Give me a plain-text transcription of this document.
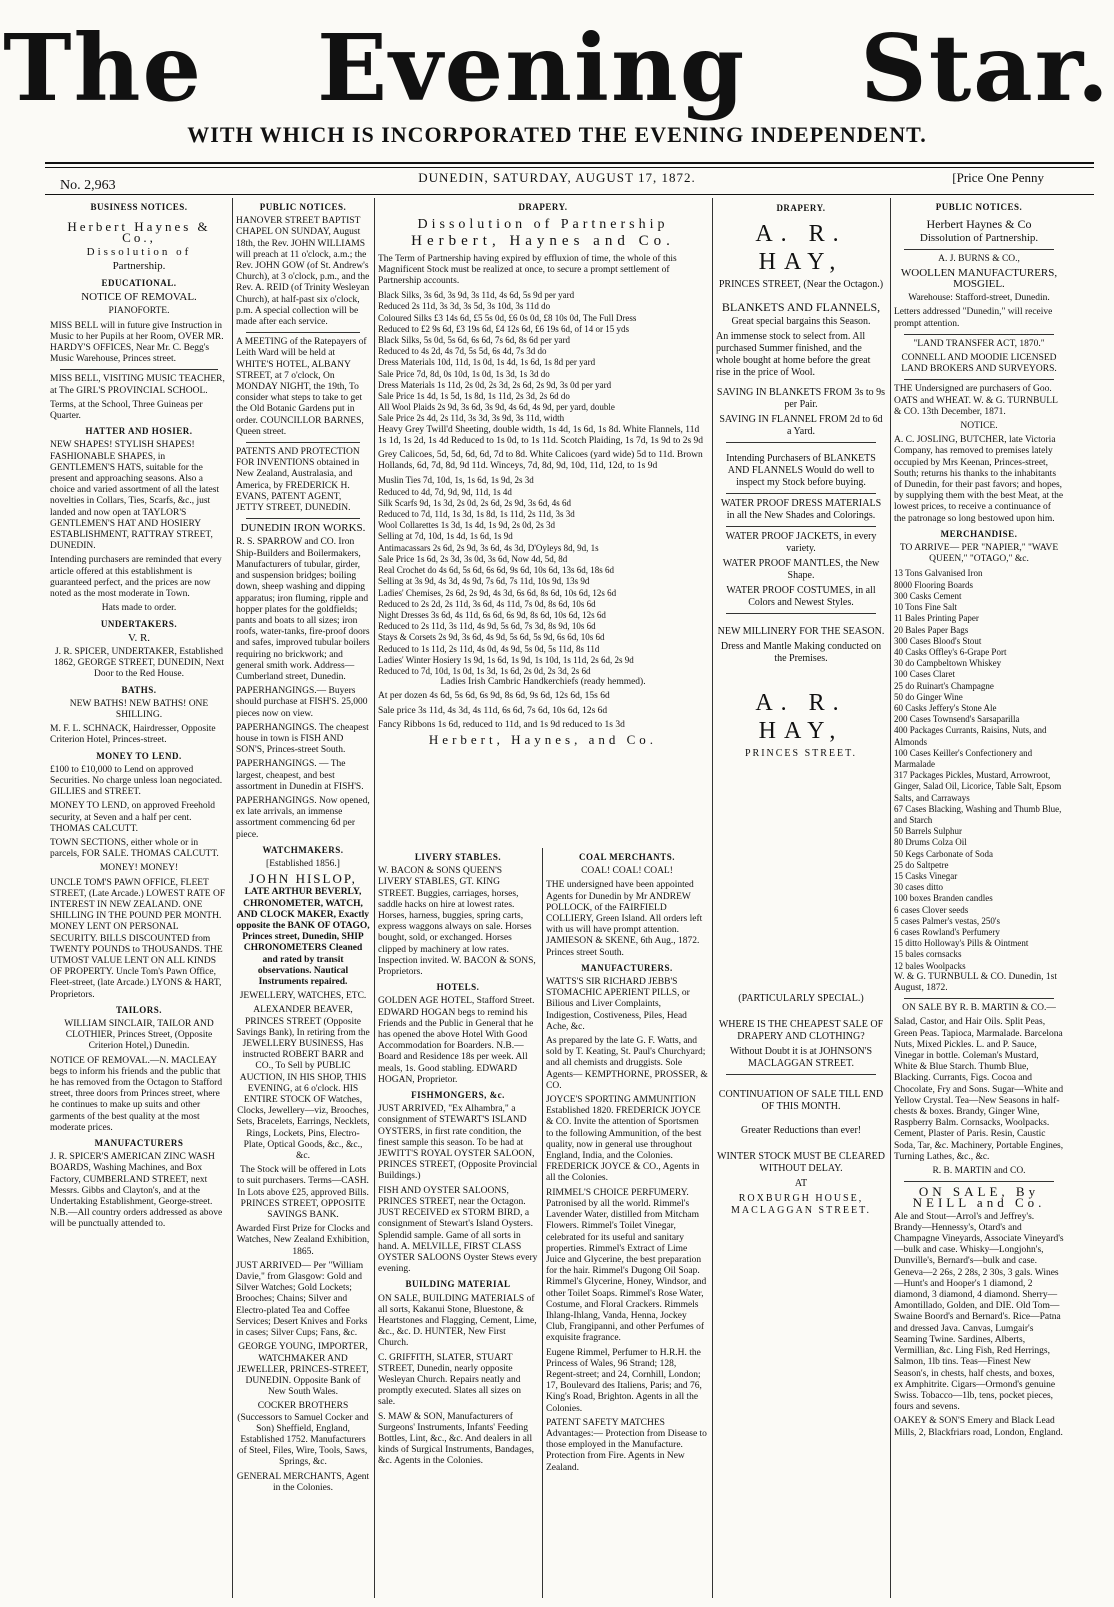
The Evening Star.
WITH WHICH IS INCORPORATED THE EVENING INDEPENDENT.
No. 2,963
DUNEDIN, SATURDAY, AUGUST 17, 1872.	[Price One Penny
BUSINESS NOTICES.

Herbert Haynes & Co.,

Dissolution of

Partnership.

EDUCATIONAL.

NOTICE OF REMOVAL.

PIANOFORTE.

MISS BELL will in future give Instruction in Music to her Pupils at her Room, OVER MR. HARDY'S OFFICES, Near Mr. C. Begg's Music Warehouse, Princes street.

MISS BELL, VISITING MUSIC TEACHER, at The GIRL'S PROVINCIAL SCHOOL.

Terms, at the School, Three Guineas per Quarter.

HATTER AND HOSIER.

NEW SHAPES! STYLISH SHAPES! FASHIONABLE SHAPES, in GENTLEMEN'S HATS, suitable for the present and approaching seasons. Also a choice and varied assortment of all the latest novelties in Collars, Ties, Scarfs, &c., just landed and now open at TAYLOR'S GENTLEMEN'S HAT AND HOSIERY ESTABLISHMENT, RATTRAY STREET, DUNEDIN.

Intending purchasers are reminded that every article offered at this establishment is guaranteed perfect, and the prices are now noted as the most moderate in Town.

Hats made to order.

UNDERTAKERS.

V. R.

J. R. SPICER, UNDERTAKER, Established 1862, GEORGE STREET, DUNEDIN, Next Door to the Red House.

BATHS.

NEW BATHS! NEW BATHS! ONE SHILLING.

M. F. L. SCHNACK, Hairdresser, Opposite Criterion Hotel, Princes-street.

MONEY TO LEND.

£100 to £10,000 to Lend on approved Securities. No charge unless loan negociated. GILLIES and STREET.

MONEY TO LEND, on approved Freehold security, at Seven and a half per cent. THOMAS CALCUTT.

TOWN SECTIONS, either whole or in parcels, FOR SALE. THOMAS CALCUTT.

MONEY! MONEY!

UNCLE TOM'S PAWN OFFICE, FLEET STREET, (Late Arcade.) LOWEST RATE OF INTEREST IN NEW ZEALAND. ONE SHILLING IN THE POUND PER MONTH. MONEY LENT ON PERSONAL SECURITY. BILLS DISCOUNTED from TWENTY POUNDS to THOUSANDS. THE UTMOST VALUE LENT ON ALL KINDS OF PROPERTY. Uncle Tom's Pawn Office, Fleet-street, (late Arcade.) LYONS & HART, Proprietors.

TAILORS.

WILLIAM SINCLAIR, TAILOR AND CLOTHIER, Princes Street, (Opposite Criterion Hotel,) Dunedin.

NOTICE OF REMOVAL.—N. MACLEAY begs to inform his friends and the public that he has removed from the Octagon to Stafford street, three doors from Princes street, where he continues to make up suits and other garments of the best quality at the most moderate prices.

MANUFACTURERS

J. R. SPICER'S AMERICAN ZINC WASH BOARDS, Washing Machines, and Box Factory, CUMBERLAND STREET, next Messrs. Gibbs and Clayton's, and at the Undertaking Establishment, George-street. N.B.—All country orders addressed as above will be punctually attended to.

PUBLIC NOTICES.

HANOVER STREET BAPTIST CHAPEL ON SUNDAY, August 18th, the Rev. JOHN WILLIAMS will preach at 11 o'clock, a.m.; the Rev. JOHN GOW (of St. Andrew's Church), at 3 o'clock, p.m., and the Rev. A. REID (of Trinity Wesleyan Church), at half-past six o'clock, p.m. A special collection will be made after each service.

A MEETING of the Ratepayers of Leith Ward will be held at WHITE'S HOTEL, ALBANY STREET, at 7 o'clock, On MONDAY NIGHT, the 19th, To consider what steps to take to get the Old Botanic Gardens put in order. COUNCILLOR BARNES, Queen street.

PATENTS AND PROTECTION FOR INVENTIONS obtained in New Zealand, Australasia, and America, by FREDERICK H. EVANS, PATENT AGENT, JETTY STREET, DUNEDIN.

DUNEDIN IRON WORKS.

R. S. SPARROW and CO. Iron Ship-Builders and Boilermakers, Manufacturers of tubular, girder, and suspension bridges; boiling down, sheep washing and dipping apparatus; iron fluming, ripple and hopper plates for the goldfields; pants and boats to all sizes; iron roofs, water-tanks, fire-proof doors and safes, improved tubular boilers requiring no brickwork; and general smith work. Address—Cumberland street, Dunedin.

PAPERHANGINGS.— Buyers should purchase at FISH'S. 25,000 pieces now on view.

PAPERHANGINGS. The cheapest house in town is FISH AND SON'S, Princes-street South.

PAPERHANGINGS. — The largest, cheapest, and best assortment in Dunedin at FISH'S.

PAPERHANGINGS. Now opened, ex late arrivals, an immense assortment commencing 6d per piece.

WATCHMAKERS.

[Established 1856.]

JOHN HISLOP,

LATE ARTHUR BEVERLY, CHRONOMETER, WATCH, AND CLOCK MAKER, Exactly opposite the BANK OF OTAGO, Princes street, Dunedin, SHIP CHRONOMETERS Cleaned and rated by transit observations. Nautical Instruments repaired.

JEWELLERY, WATCHES, ETC.

ALEXANDER BEAVER, PRINCES STREET (Opposite Savings Bank), In retiring from the JEWELLERY BUSINESS, Has instructed ROBERT BARR and CO., To Sell by PUBLIC AUCTION, IN HIS SHOP, THIS EVENING, at 6 o'clock. HIS ENTIRE STOCK OF Watches, Clocks, Jewellery—viz, Brooches, Sets, Bracelets, Earrings, Necklets, Rings, Lockets, Pins, Electro-Plate, Optical Goods, &c., &c., &c.

The Stock will be offered in Lots to suit purchasers. Terms—CASH. In Lots above £25, approved Bills. PRINCES STREET, OPPOSITE SAVINGS BANK.

Awarded First Prize for Clocks and Watches, New Zealand Exhibition, 1865.

JUST ARRIVED— Per "William Davie," from Glasgow: Gold and Silver Watches; Gold Lockets; Brooches; Chains; Silver and Electro-plated Tea and Coffee Services; Desert Knives and Forks in cases; Silver Cups; Fans, &c.

GEORGE YOUNG, IMPORTER, WATCHMAKER AND JEWELLER, PRINCES-STREET, DUNEDIN. Opposite Bank of New South Wales.

COCKER BROTHERS (Successors to Samuel Cocker and Son) Sheffield, England, Established 1752. Manufacturers of Steel, Files, Wire, Tools, Saws, Springs, &c.

GENERAL MERCHANTS, Agent in the Colonies.

DRAPERY.

Dissolution of Partnership

Herbert, Haynes and Co.

The Term of Partnership having expired by effluxion of time, the whole of this Magnificent Stock must be realized at once, to secure a prompt settlement of Partnership accounts.

Black Silks, 3s 6d, 3s 9d, 3s 11d, 4s 6d, 5s 9d per yard

Reduced 2s 11d, 3s 3d, 3s 5d, 3s 10d, 3s 11d do

Coloured Silks £3 14s 6d, £5 5s 0d, £6 0s 0d, £8 10s 0d, The Full Dress

Reduced to £2 9s 6d, £3 19s 6d, £4 12s 6d, £6 19s 6d, of 14 or 15 yds

Black Silks, 5s 0d, 5s 6d, 6s 6d, 7s 6d, 8s 6d per yard

Reduced to 4s 2d, 4s 7d, 5s 5d, 6s 4d, 7s 3d do

Dress Materials 10d, 11d, 1s 0d, 1s 4d, 1s 6d, 1s 8d per yard

Sale Price 7d, 8d, 0s 10d, 1s 0d, 1s 3d, 1s 3d do

Dress Materials 1s 11d, 2s 0d, 2s 3d, 2s 6d, 2s 9d, 3s 0d per yard

Sale Price 1s 4d, 1s 5d, 1s 8d, 1s 11d, 2s 3d, 2s 6d do

All Wool Plaids 2s 9d, 3s 6d, 3s 9d, 4s 6d, 4s 9d, per yard, double

Sale Price 2s 4d, 2s 11d, 3s 3d, 3s 9d, 3s 11d, width

Heavy Grey Twill'd Sheeting, double width, 1s 4d, 1s 6d, 1s 8d. White Flannels, 11d 1s 1d, 1s 2d, 1s 4d Reduced to 1s 0d, to 1s 11d. Scotch Plaiding, 1s 7d, 1s 9d to 2s 9d

Grey Calicoes, 5d, 5d, 6d, 6d, 7d to 8d. White Calicoes (yard wide) 5d to 11d. Brown Hollands, 6d, 7d, 8d, 9d 11d. Winceys, 7d, 8d, 9d, 10d, 11d, 12d, to 1s 9d

Muslin Ties 7d, 10d, 1s, 1s 6d, 1s 9d, 2s 3d

Reduced to 4d, 7d, 9d, 9d, 11d, 1s 4d

Silk Scarfs 9d, 1s 3d, 2s 0d, 2s 6d, 2s 9d, 3s 6d, 4s 6d

Reduced to 7d, 11d, 1s 3d, 1s 8d, 1s 11d, 2s 11d, 3s 3d

Wool Collarettes 1s 3d, 1s 4d, 1s 9d, 2s 0d, 2s 3d

Selling at 7d, 10d, 1s 4d, 1s 6d, 1s 9d

Antimacassars 2s 6d, 2s 9d, 3s 6d, 4s 3d, D'Oyleys 8d, 9d, 1s

Sale Price 1s 6d, 2s 3d, 3s 0d, 3s 6d, Now 4d, 5d, 8d

Real Crochet do 4s 6d, 5s 6d, 6s 6d, 9s 6d, 10s 6d, 13s 6d, 18s 6d

Selling at 3s 9d, 4s 3d, 4s 9d, 7s 6d, 7s 11d, 10s 9d, 13s 9d

Ladies' Chemises, 2s 6d, 2s 9d, 4s 3d, 6s 6d, 8s 6d, 10s 6d, 12s 6d

Reduced to 2s 2d, 2s 11d, 3s 6d, 4s 11d, 7s 0d, 8s 6d, 10s 6d

Night Dresses 3s 6d, 4s 11d, 6s 6d, 6s 9d, 8s 6d, 10s 6d, 12s 6d

Reduced to 2s 11d, 3s 11d, 4s 9d, 5s 6d, 7s 3d, 8s 9d, 10s 6d

Stays & Corsets 2s 9d, 3s 6d, 4s 9d, 5s 6d, 5s 9d, 6s 6d, 10s 6d

Reduced to 1s 11d, 2s 11d, 4s 0d, 4s 9d, 5s 0d, 5s 11d, 8s 11d

Ladies' Winter Hosiery 1s 9d, 1s 6d, 1s 9d, 1s 10d, 1s 11d, 2s 6d, 2s 9d

Reduced to 7d, 10d, 1s 0d, 1s 3d, 1s 6d, 2s 0d, 2s 3d, 2s 6d

Ladies Irish Cambric Handkerchiefs (ready hemmed).

At per dozen 4s 6d, 5s 6d, 6s 9d, 8s 6d, 9s 6d, 12s 6d, 15s 6d

Sale price 3s 11d, 4s 3d, 4s 11d, 6s 6d, 7s 6d, 10s 6d, 12s 6d

Fancy Ribbons 1s 6d, reduced to 11d, and 1s 9d reduced to 1s 3d

Herbert, Haynes, and Co.

LIVERY STABLES.

W. BACON & SONS QUEEN'S LIVERY STABLES, GT. KING STREET. Buggies, carriages, horses, saddle hacks on hire at lowest rates. Horses, harness, buggies, spring carts, express waggons always on sale. Horses bought, sold, or exchanged. Horses clipped by machinery at low rates. Inspection invited. W. BACON & SONS, Proprietors.

HOTELS.

GOLDEN AGE HOTEL, Stafford Street. EDWARD HOGAN begs to remind his Friends and the Public in General that he has opened the above Hotel With Good Accommodation for Boarders. N.B.—Board and Residence 18s per week. All meals, 1s. Good stabling. EDWARD HOGAN, Proprietor.

FISHMONGERS, &c.

JUST ARRIVED, "Ex Alhambra," a consignment of STEWART'S ISLAND OYSTERS, in first rate condition, the finest sample this season. To be had at JEWITT'S ROYAL OYSTER SALOON, PRINCES STREET, (Opposite Provincial Buildings.)

FISH AND OYSTER SALOONS, PRINCES STREET, near the Octagon. JUST RECEIVED ex STORM BIRD, a consignment of Stewart's Island Oysters. Splendid sample. Game of all sorts in hand. A. MELVILLE, FIRST CLASS OYSTER SALOONS Oyster Stews every evening.

BUILDING MATERIAL

ON SALE, BUILDING MATERIALS of all sorts, Kakanui Stone, Bluestone, & Heartstones and Flagging, Cement, Lime, &c., &c. D. HUNTER, New First Church.

C. GRIFFITH, SLATER, STUART STREET, Dunedin, nearly opposite Wesleyan Church. Repairs neatly and promptly executed. Slates all sizes on sale.

S. MAW & SON, Manufacturers of Surgeons' Instruments, Infants' Feeding Bottles, Lint, &c., &c. And dealers in all kinds of Surgical Instruments, Bandages, &c. Agents in the Colonies.

COAL MERCHANTS.

COAL! COAL! COAL!

THE undersigned have been appointed Agents for Dunedin by Mr ANDREW POLLOCK, of the FAIRFIELD COLLIERY, Green Island. All orders left with us will have prompt attention. JAMIESON & SKENE, 6th Aug., 1872. Princes street South.

MANUFACTURERS.

WATTS'S SIR RICHARD JEBB'S STOMACHIC APERIENT PILLS, or Bilious and Liver Complaints, Indigestion, Costiveness, Piles, Head Ache, &c.

As prepared by the late G. F. Watts, and sold by T. Keating, St. Paul's Churchyard; and all chemists and druggists. Sole Agents— KEMPTHORNE, PROSSER, & CO.

JOYCE'S SPORTING AMMUNITION Established 1820. FREDERICK JOYCE & CO. Invite the attention of Sportsmen to the following Ammunition, of the best quality, now in general use throughout England, India, and the Colonies. FREDERICK JOYCE & CO., Agents in all the Colonies.

RIMMEL'S CHOICE PERFUMERY. Patronised by all the world. Rimmel's Lavender Water, distilled from Mitcham Flowers. Rimmel's Toilet Vinegar, celebrated for its useful and sanitary properties. Rimmel's Extract of Lime Juice and Glycerine, the best preparation for the hair. Rimmel's Dugong Oil Soap. Rimmel's Glycerine, Honey, Windsor, and other Toilet Soaps. Rimmel's Rose Water, Costume, and Floral Crackers. Rimmels Ihlang-Ihlang, Vanda, Henna, Jockey Club, Frangipanni, and other Perfumes of exquisite fragrance.

Eugene Rimmel, Perfumer to H.R.H. the Princess of Wales, 96 Strand; 128, Regent-street; and 24, Cornhill, London; 17, Boulevard des Italiens, Paris; and 76, King's Road, Brighton. Agents in all the Colonies.

PATENT SAFETY MATCHES Advantages:— Protection from Disease to those employed in the Manufacture. Protection from Fire. Agents in New Zealand.

DRAPERY.

A. R. HAY,

PRINCES STREET, (Near the Octagon.)

BLANKETS AND FLANNELS,

Great special bargains this Season.

An immense stock to select from. All purchased Summer finished, and the whole bought at home before the great rise in the price of Wool.

SAVING IN BLANKETS FROM 3s to 9s per Pair.

SAVING IN FLANNEL FROM 2d to 6d a Yard.

Intending Purchasers of BLANKETS AND FLANNELS Would do well to inspect my Stock before buying.

WATER PROOF DRESS MATERIALS in all the New Shades and Colorings.

WATER PROOF JACKETS, in every variety.

WATER PROOF MANTLES, the New Shape.

WATER PROOF COSTUMES, in all Colors and Newest Styles.

NEW MILLINERY FOR THE SEASON.

Dress and Mantle Making conducted on the Premises.

A. R. HAY,

PRINCES STREET.

(PARTICULARLY SPECIAL.)

WHERE IS THE CHEAPEST SALE OF DRAPERY AND CLOTHING?

Without Doubt it is at JOHNSON'S MACLAGGAN STREET.

CONTINUATION OF SALE TILL END OF THIS MONTH.

Greater Reductions than ever!

WINTER STOCK MUST BE CLEARED WITHOUT DELAY.

AT

ROXBURGH HOUSE, MACLAGGAN STREET.

PUBLIC NOTICES.

Herbert Haynes & Co

Dissolution of Partnership.

A. J. BURNS & CO.,

WOOLLEN MANUFACTURERS, MOSGIEL.

Warehouse: Stafford-street, Dunedin.

Letters addressed "Dunedin," will receive prompt attention.

"LAND TRANSFER ACT, 1870."

CONNELL AND MOODIE LICENSED LAND BROKERS AND SURVEYORS.

THE Undersigned are purchasers of Goo. OATS and WHEAT. W. & G. TURNBULL & CO. 13th December, 1871.

NOTICE.

A. C. JOSLING, BUTCHER, late Victoria Company, has removed to premises lately occupied by Mrs Keenan, Princes-street, South; returns his thanks to the inhabitants of Dunedin, for their past favors; and hopes, by supplying them with the best Meat, at the lowest prices, to receive a continuance of the patronage so long bestowed upon him.

MERCHANDISE.

TO ARRIVE— PER "NAPIER," "WAVE QUEEN," "OTAGO," &c.

13 Tons Galvanised Iron

8000 Flooring Boards

300 Casks Cement

10 Tons Fine Salt

11 Bales Printing Paper

20 Bales Paper Bags

300 Cases Blood's Stout

40 Casks Offley's 6-Grape Port

30 do Campbeltown Whiskey

100 Cases Claret

25 do Ruinart's Champagne

50 do Ginger Wine

60 Casks Jeffery's Stone Ale

200 Cases Townsend's Sarsaparilla

400 Packages Currants, Raisins, Nuts, and Almonds

100 Cases Keiller's Confectionery and Marmalade

317 Packages Pickles, Mustard, Arrowroot, Ginger, Salad Oil, Licorice, Table Salt, Epsom Salts, and Carraways

67 Cases Blacking, Washing and Thumb Blue, and Starch

50 Barrels Sulphur

80 Drums Colza Oil

50 Kegs Carbonate of Soda

25 do Saltpetre

15 Casks Vinegar

30 cases ditto

100 boxes Branden candles

6 cases Clover seeds

5 cases Palmer's vestas, 250's

6 cases Rowland's Perfumery

15 ditto Holloway's Pills & Ointment

15 bales cornsacks

12 bales Woolpacks

W. & G. TURNBULL & CO. Dunedin, 1st August, 1872.

ON SALE BY R. B. MARTIN & CO.—

Salad, Castor, and Hair Oils. Split Peas, Green Peas. Tapioca, Marmalade. Barcelona Nuts, Mixed Pickles. L. and P. Sauce, Vinegar in bottle. Coleman's Mustard, White & Blue Starch. Thumb Blue, Blacking. Currants, Figs. Cocoa and Chocolate, Fry and Sons. Sugar—White and Yellow Crystal. Tea—New Seasons in half-chests & boxes. Brandy, Ginger Wine, Raspberry Balm. Cornsacks, Woolpacks. Cement, Plaster of Paris. Resin, Caustic Soda, Tar, &c. Machinery, Portable Engines, Turning Lathes, &c., &c.

R. B. MARTIN and CO.

ON SALE, By NEILL and Co.

Ale and Stout—Arrol's and Jeffrey's. Brandy—Hennessy's, Otard's and Champagne Vineyards, Associate Vineyard's—bulk and case. Whisky—Longjohn's, Dunville's, Bernard's—bulk and case. Geneva—2 26s, 2 28s, 2 30s, 3 gals. Wines—Hunt's and Hooper's 1 diamond, 2 diamond, 3 diamond, 4 diamond. Sherry—Amontillado, Golden, and DIE. Old Tom—Swaine Boord's and Bernard's. Rice—Patna and dressed Java. Canvas, Lumgair's Seaming Twine. Sardines, Alberts, Vermillian, &c. Ling Fish, Red Herrings, Salmon, 1lb tins. Teas—Finest New Season's, in chests, half chests, and boxes, ex Amphitrite. Cigars—Ormond's genuine Swiss. Tobacco—1lb, tens, pocket pieces, fours and sevens.

OAKEY & SON'S Emery and Black Lead Mills, 2, Blackfriars road, London, England.
